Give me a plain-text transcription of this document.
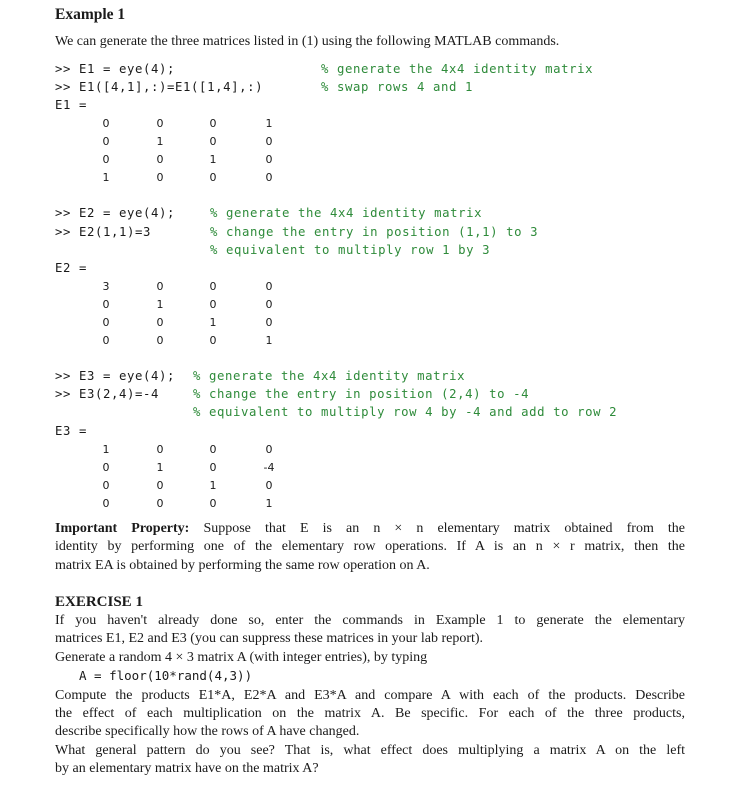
Example 1
We can generate the three matrices listed in (1) using the following MATLAB commands.
>> E1 = eye(4);	% generate the 4x4 identity matrix
>> E1([4,1],:)=E1([1,4],:)	% swap rows 4 and 1
E1 =
0	0	0	1
0	1	0	0
0	0	1	0
1	0	0	0
>> E2 = eye(4);	% generate the 4x4 identity matrix
>> E2(1,1)=3	% change the entry in position (1,1) to 3
% equivalent to multiply row 1 by 3
E2 =
3	0	0	0
0	1	0	0
0	0	1	0
0	0	0	1
>> E3 = eye(4); % generate the 4x4 identity matrix
>> E3(2,4)=-4	% change the entry in position (2,4) to -4
% equivalent to multiply row 4 by -4 and add to row 2
E3 =
1	0	0	0
0	1	0	-4
0	0	1	0
0	0	0	1
Important Property: Suppose that E is an n × n elementary matrix obtained from the
identity by performing one of the elementary row operations. If A is an n × r matrix, then the
matrix EA is obtained by performing the same row operation on A.
EXERCISE 1
If you haven't already done so, enter the commands in Example 1 to generate the elementary
matrices E1, E2 and E3 (you can suppress these matrices in your lab report).
Generate a random 4 × 3 matrix A (with integer entries), by typing
A = floor(10*rand(4,3))
Compute the products E1*A, E2*A and E3*A and compare A with each of the products. Describe
the effect of each multiplication on the matrix A. Be specific. For each of the three products,
describe specifically how the rows of A have changed.
What general pattern do you see? That is, what effect does multiplying a matrix A on the left
by an elementary matrix have on the matrix A?
